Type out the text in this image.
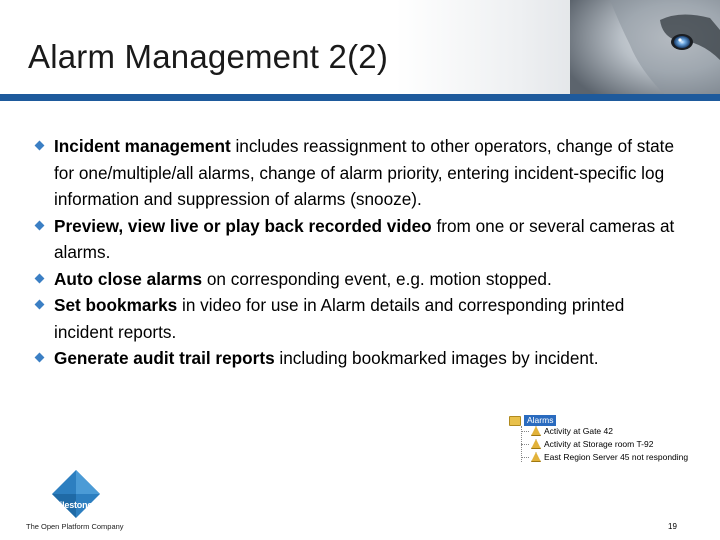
Alarm Management 2(2)
Incident management includes reassignment to other operators, change of state for one/multiple/all alarms, change of alarm priority, entering incident-specific log information and suppression of alarms (snooze).
Preview, view live or play back recorded video from one or several cameras at alarms.
Auto close alarms on corresponding event, e.g. motion stopped.
Set bookmarks in video for use in Alarm details and corresponding printed incident reports.
Generate audit trail reports including bookmarked images by incident.
Alarms
Activity at Gate 42
Activity at Storage room T-92
East Region Server 45 not responding
milestone
The Open Platform Company	19
